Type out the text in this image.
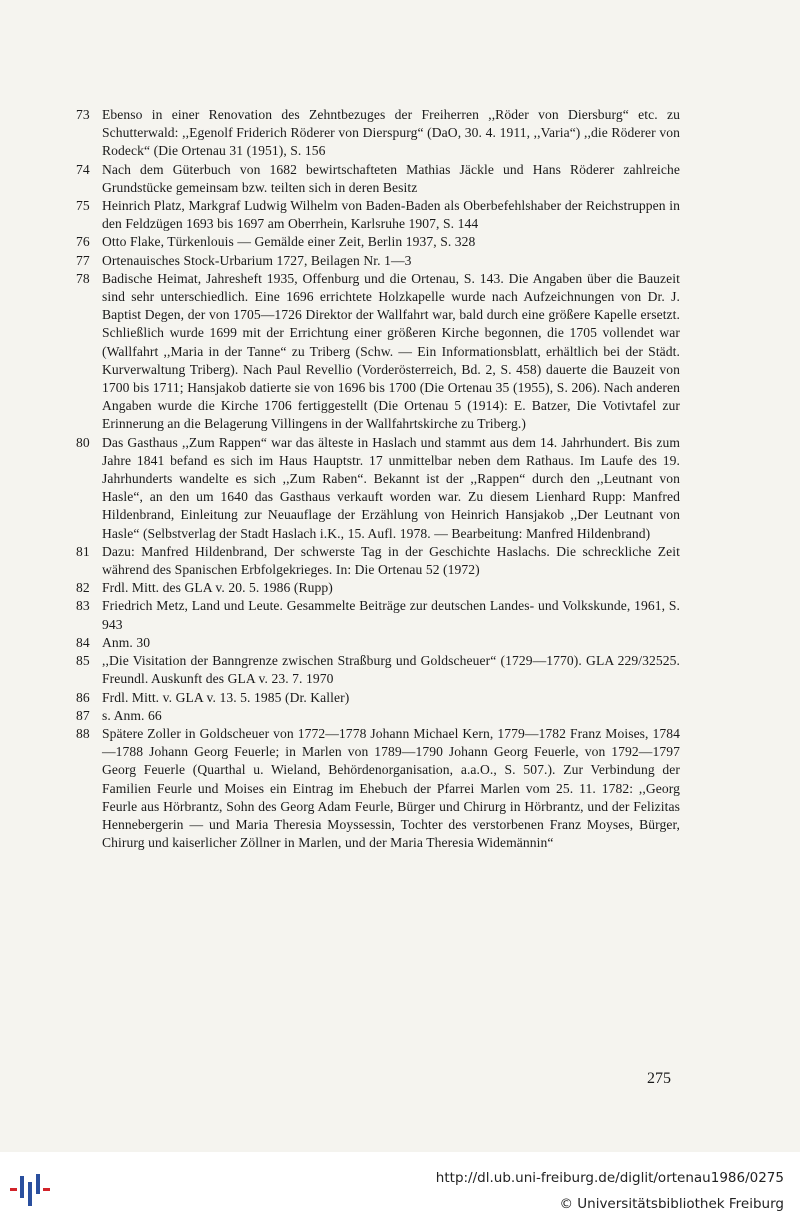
73 Ebenso in einer Renovation des Zehntbezuges der Freiherren ,,Röder von Diersburg“ etc. zu Schutterwald: ,,Egenolf Friderich Röderer von Dierspurg“ (DaO, 30. 4. 1911, ,,Varia“) ,,die Röderer von Rodeck“ (Die Ortenau 31 (1951), S. 156
74 Nach dem Güterbuch von 1682 bewirtschafteten Mathias Jäckle und Hans Röderer zahlreiche Grundstücke gemeinsam bzw. teilten sich in deren Besitz
75 Heinrich Platz, Markgraf Ludwig Wilhelm von Baden-Baden als Oberbefehlshaber der Reichstruppen in den Feldzügen 1693 bis 1697 am Oberrhein, Karlsruhe 1907, S. 144
76 Otto Flake, Türkenlouis — Gemälde einer Zeit, Berlin 1937, S. 328
77 Ortenauisches Stock-Urbarium 1727, Beilagen Nr. 1—3
78 Badische Heimat, Jahresheft 1935, Offenburg und die Ortenau, S. 143. Die Angaben über die Bauzeit sind sehr unterschiedlich. Eine 1696 errichtete Holzkapelle wurde nach Aufzeichnungen von Dr. J. Baptist Degen, der von 1705—1726 Direktor der Wallfahrt war, bald durch eine größere Kapelle ersetzt. Schließlich wurde 1699 mit der Errichtung einer größeren Kirche begonnen, die 1705 vollendet war (Wallfahrt ,,Maria in der Tanne“ zu Triberg (Schw. — Ein Informationsblatt, erhältlich bei der Städt. Kurverwaltung Triberg). Nach Paul Revellio (Vorderösterreich, Bd. 2, S. 458) dauerte die Bauzeit von 1700 bis 1711; Hansjakob datierte sie von 1696 bis 1700 (Die Ortenau 35 (1955), S. 206). Nach anderen Angaben wurde die Kirche 1706 fertiggestellt (Die Ortenau 5 (1914): E. Batzer, Die Votivtafel zur Erinnerung an die Belagerung Villingens in der Wallfahrtskirche zu Triberg.)
80 Das Gasthaus ,,Zum Rappen“ war das älteste in Haslach und stammt aus dem 14. Jahrhundert. Bis zum Jahre 1841 befand es sich im Haus Hauptstr. 17 unmittelbar neben dem Rathaus. Im Laufe des 19. Jahrhunderts wandelte es sich ,,Zum Raben“. Bekannt ist der ,,Rappen“ durch den ,,Leutnant von Hasle“, an den um 1640 das Gasthaus verkauft worden war. Zu diesem Lienhard Rupp: Manfred Hildenbrand, Einleitung zur Neuauflage der Erzählung von Heinrich Hansjakob ,,Der Leutnant von Hasle“ (Selbstverlag der Stadt Haslach i.K., 15. Aufl. 1978. — Bearbeitung: Manfred Hildenbrand)
81 Dazu: Manfred Hildenbrand, Der schwerste Tag in der Geschichte Haslachs. Die schreckliche Zeit während des Spanischen Erbfolgekrieges. In: Die Ortenau 52 (1972)
82 Frdl. Mitt. des GLA v. 20. 5. 1986 (Rupp)
83 Friedrich Metz, Land und Leute. Gesammelte Beiträge zur deutschen Landes- und Volkskunde, 1961, S. 943
84 Anm. 30
85 ,,Die Visitation der Banngrenze zwischen Straßburg und Goldscheuer“ (1729—1770). GLA 229/32525. Freundl. Auskunft des GLA v. 23. 7. 1970
86 Frdl. Mitt. v. GLA v. 13. 5. 1985 (Dr. Kaller)
87 s. Anm. 66
88 Spätere Zoller in Goldscheuer von 1772—1778 Johann Michael Kern, 1779—1782 Franz Moises, 1784—1788 Johann Georg Feuerle; in Marlen von 1789—1790 Johann Georg Feuerle, von 1792—1797 Georg Feuerle (Quarthal u. Wieland, Behördenorganisation, a.a.O., S. 507.). Zur Verbindung der Familien Feurle und Moises ein Eintrag im Ehebuch der Pfarrei Marlen vom 25. 11. 1782: ,,Georg Feurle aus Hörbrantz, Sohn des Georg Adam Feurle, Bürger und Chirurg in Hörbrantz, und der Felizitas Hennebergerin — und Maria Theresia Moyssessin, Tochter des verstorbenen Franz Moyses, Bürger, Chirurg und kaiserlicher Zöllner in Marlen, und der Maria Theresia Widemännin“
275
http://dl.ub.uni-freiburg.de/diglit/ortenau1986/0275
© Universitätsbibliothek Freiburg
